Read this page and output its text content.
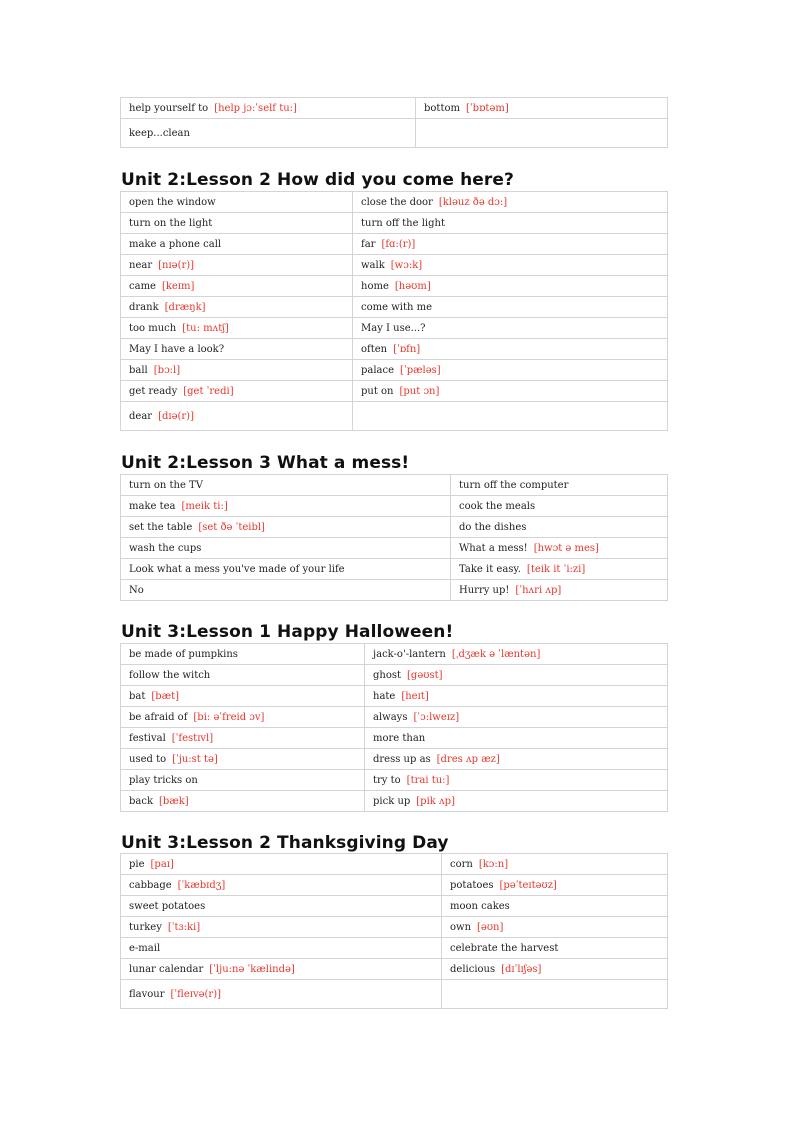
help yourself to [help jɔ:ˈself tu:]	bottom [ˈbɒtəm]
keep...clean	
Unit 2:Lesson 2 How did you come here?
open the window	close the door [kləuz ðə dɔ:]
turn on the light	turn off the light
make a phone call	far [fɑ:(r)]
near [nɪə(r)]	walk [wɔ:k]
came [keɪm]	home [həʊm]
drank [dræŋk]	come with me
too much [tu: mʌtʃ]	May I use...?
May I have a look?	often [ˈɒfn]
ball [bɔ:l]	palace [ˈpæləs]
get ready [get ˈredi]	put on [put ɔn]
dear [dɪə(r)]	
Unit 2:Lesson 3 What a mess!
turn on the TV	turn off the computer
make tea [meik ti:]	cook the meals
set the table [set ðə ˈteibl]	do the dishes
wash the cups	What a mess! [hwɔt ə mes]
Look what a mess you've made of your life	Take it easy. [teik it ˈi:zi]
No	Hurry up! [ˈhʌri ʌp]
Unit 3:Lesson 1 Happy Halloween!
be made of pumpkins	jack-o'-lantern [ˌdʒæk ə ˈlæntən]
follow the witch	ghost [gəʊst]
bat [bæt]	hate [heɪt]
be afraid of [bi: əˈfreid ɔv]	always [ˈɔ:lweɪz]
festival [ˈfestɪvl]	more than
used to [ˈju:st tə]	dress up as [dres ʌp æz]
play tricks on	try to [trai tu:]
back [bæk]	pick up [pik ʌp]
Unit 3:Lesson 2 Thanksgiving Day
pie [paɪ]	corn [kɔ:n]
cabbage [ˈkæbɪdʒ]	potatoes [pəˈteɪtəʊz]
sweet potatoes	moon cakes
turkey [ˈtɜ:ki]	own [əʊn]
e-mail	celebrate the harvest
lunar calendar [ˈlju:nə ˈkælində]	delicious [dɪˈlɪʃəs]
flavour [ˈfleɪvə(r)]	
